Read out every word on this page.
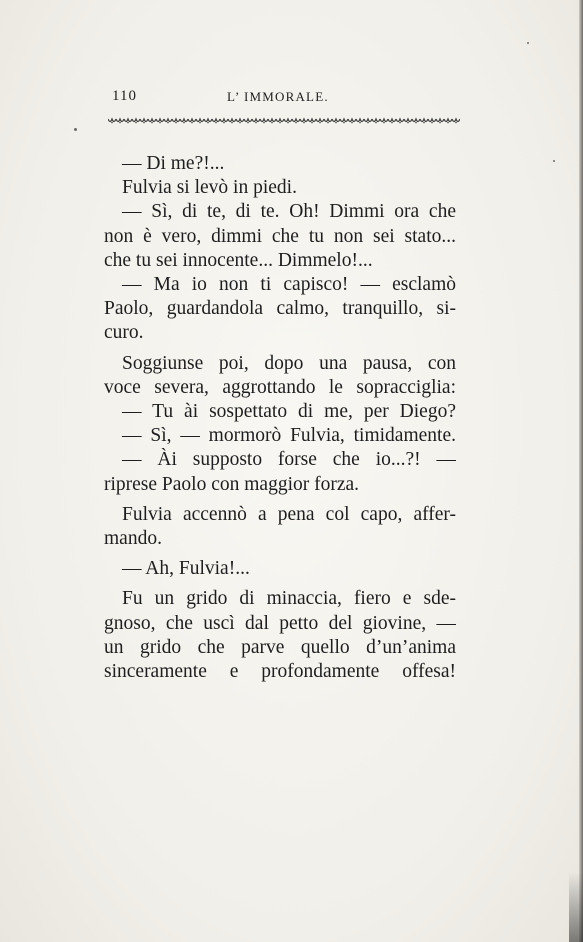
110	L’ IMMORALE.
— Di me?!...
Fulvia si levò in piedi.
— Sì, di te, di te. Oh! Dimmi ora che
non è vero, dimmi che tu non sei stato...
che tu sei innocente... Dimmelo!...
— Ma io non ti capisco! — esclamò
Paolo, guardandola calmo, tranquillo, si-
curo.
Soggiunse poi, dopo una pausa, con
voce severa, aggrottando le sopracciglia:
— Tu ài sospettato di me, per Diego?
— Sì, — mormorò Fulvia, timidamente.
— Ài supposto forse che io...?! —
riprese Paolo con maggior forza.
Fulvia accennò a pena col capo, affer-
mando.
— Ah, Fulvia!...
Fu un grido di minaccia, fiero e sde-
gnoso, che uscì dal petto del giovine, —
un grido che parve quello d’un’anima
sinceramente e profondamente offesa!
